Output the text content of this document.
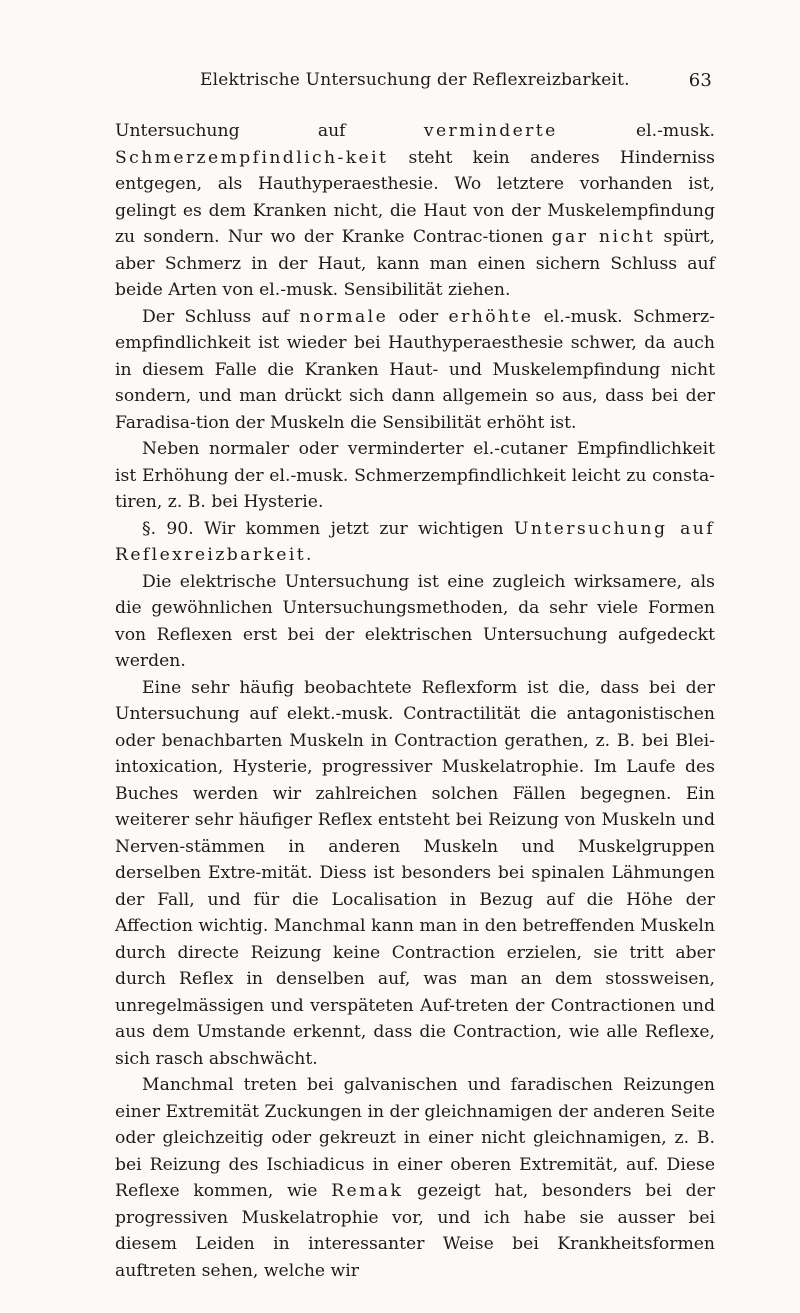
Elektrische Untersuchung der Reflexreizbarkeit.	63

Untersuchung auf verminderte el.-musk. Schmerzempfindlich-keit steht kein anderes Hinderniss entgegen, als Hauthyperaesthesie. Wo letztere vorhanden ist, gelingt es dem Kranken nicht, die Haut von der Muskelempfindung zu sondern. Nur wo der Kranke Contrac-tionen gar nicht spürt, aber Schmerz in der Haut, kann man einen sichern Schluss auf beide Arten von el.-musk. Sensibilität ziehen.

Der Schluss auf normale oder erhöhte el.-musk. Schmerz-empfindlichkeit ist wieder bei Hauthyperaesthesie schwer, da auch in diesem Falle die Kranken Haut- und Muskelempfindung nicht sondern, und man drückt sich dann allgemein so aus, dass bei der Faradisa-tion der Muskeln die Sensibilität erhöht ist.

Neben normaler oder verminderter el.-cutaner Empfindlichkeit ist Erhöhung der el.-musk. Schmerzempfindlichkeit leicht zu consta-tiren, z. B. bei Hysterie.

§. 90. Wir kommen jetzt zur wichtigen Untersuchung auf Reflexreizbarkeit.

Die elektrische Untersuchung ist eine zugleich wirksamere, als die gewöhnlichen Untersuchungsmethoden, da sehr viele Formen von Reflexen erst bei der elektrischen Untersuchung aufgedeckt werden.

Eine sehr häufig beobachtete Reflexform ist die, dass bei der Untersuchung auf elekt.-musk. Contractilität die antagonistischen oder benachbarten Muskeln in Contraction gerathen, z. B. bei Blei-intoxication, Hysterie, progressiver Muskelatrophie. Im Laufe des Buches werden wir zahlreichen solchen Fällen begegnen. Ein weiterer sehr häufiger Reflex entsteht bei Reizung von Muskeln und Nerven-stämmen in anderen Muskeln und Muskelgruppen derselben Extre-mität. Diess ist besonders bei spinalen Lähmungen der Fall, und für die Localisation in Bezug auf die Höhe der Affection wichtig. Manchmal kann man in den betreffenden Muskeln durch directe Reizung keine Contraction erzielen, sie tritt aber durch Reflex in denselben auf, was man an dem stossweisen, unregelmässigen und verspäteten Auf-treten der Contractionen und aus dem Umstande erkennt, dass die Contraction, wie alle Reflexe, sich rasch abschwächt.

Manchmal treten bei galvanischen und faradischen Reizungen einer Extremität Zuckungen in der gleichnamigen der anderen Seite oder gleichzeitig oder gekreuzt in einer nicht gleichnamigen, z. B. bei Reizung des Ischiadicus in einer oberen Extremität, auf. Diese Reflexe kommen, wie Remak gezeigt hat, besonders bei der progressiven Muskelatrophie vor, und ich habe sie ausser bei diesem Leiden in interessanter Weise bei Krankheitsformen auftreten sehen, welche wir
